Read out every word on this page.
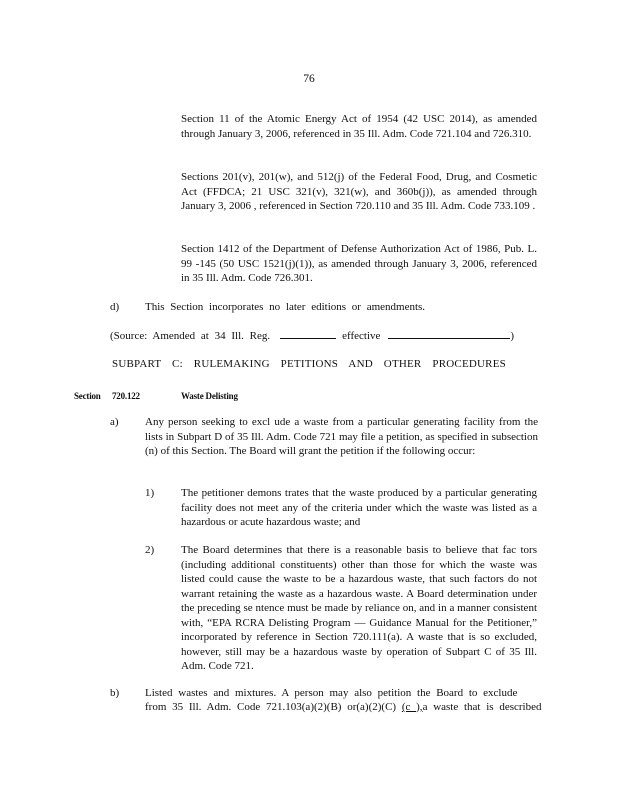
76
Section 11 of the Atomic Energy Act of 1954 (42 USC 2014), as amended through January 3, 2006, referenced in 35 Ill. Adm. Code 721.104 and 726.310.
Sections 201(v), 201(w), and 512(j) of the Federal Food, Drug, and Cosmetic Act (FFDCA; 21 USC 321(v), 321(w), and 360b(j)), as amended through January 3, 2006 , referenced in Section 720.110 and 35 Ill. Adm. Code 733.109 .
Section 1412 of the Department of Defense Authorization Act of 1986, Pub. L. 99 -145 (50 USC 1521(j)(1)), as amended through January 3, 2006, referenced in 35 Ill. Adm. Code 726.301.
d) This Section incorporates no later editions or amendments.
(Source: Amended at 34 Ill. Reg.	effective	)
SUBPART C: RULEMAKING PETITIONS AND OTHER PROCEDURES
Section 720.122	Waste Delisting
a) Any person seeking to excl ude a waste from a particular generating facility from the lists in Subpart D of 35 Ill. Adm. Code 721 may file a petition, as specified in subsection (n) of this Section. The Board will grant the petition if the following occur:
1) The petitioner demons trates that the waste produced by a particular generating facility does not meet any of the criteria under which the waste was listed as a hazardous or acute hazardous waste; and
2) The Board determines that there is a reasonable basis to believe that fac tors (including additional constituents) other than those for which the waste was listed could cause the waste to be a hazardous waste, that such factors do not warrant retaining the waste as a hazardous waste. A Board determination under the preceding se ntence must be made by reliance on, and in a manner consistent with, “EPA RCRA Delisting Program — Guidance Manual for the Petitioner,” incorporated by reference in Section 720.111(a). A waste that is so excluded, however, still may be a hazardous waste by operation of Subpart C of 35 Ill. Adm. Code 721.
b) Listed wastes and mixtures. A person may also petition the Board to exclude
from 35 Ill. Adm. Code 721.103(a)(2)(B) or(a)(2)(C) (c ),a waste that is described
